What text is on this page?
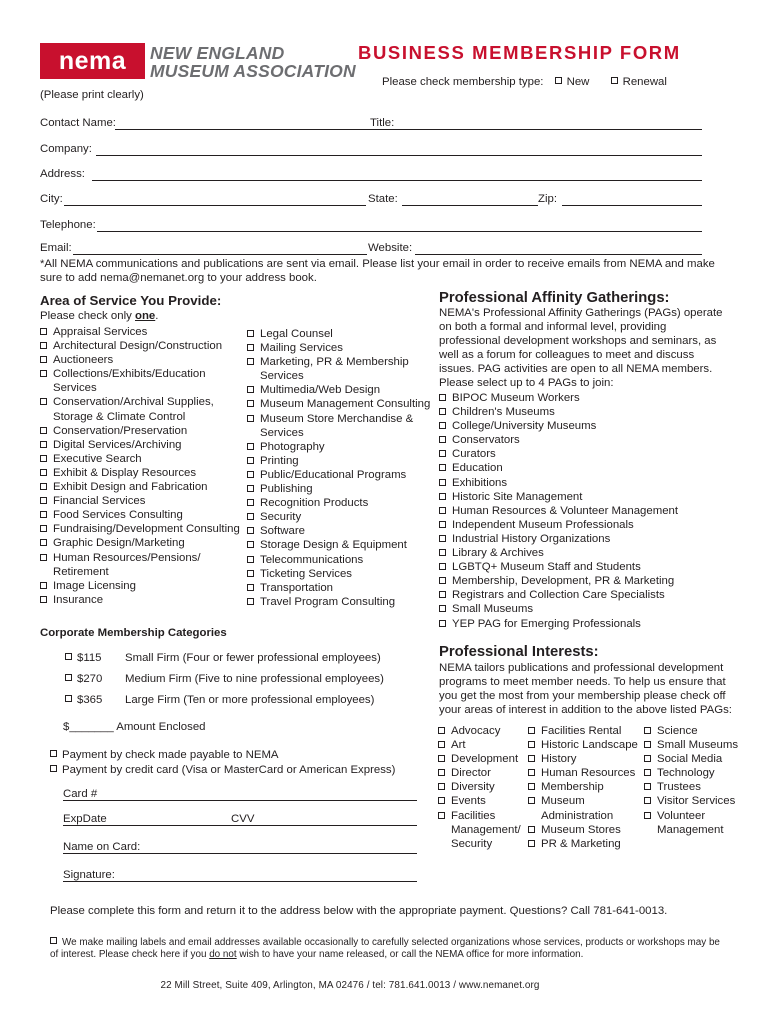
nema	NEW ENGLAND
MUSEUM ASSOCIATION
BUSINESS MEMBERSHIP FORM
Please check membership type: New	Renewal
(Please print clearly)
Contact Name:	Title:
Company:
Address:
City:	State:	Zip:
Telephone:
Email:	Website:
*All NEMA communications and publications are sent via email. Please list your email in order to receive emails from NEMA and make sure to add nema@nemanet.org to your address book.
Area of Service You Provide:
Please check only one.
Appraisal Services
Architectural Design/Construction
Auctioneers
Collections/Exhibits/Education Services
Conservation/Archival Supplies, Storage & Climate Control
Conservation/Preservation
Digital Services/Archiving
Executive Search
Exhibit & Display Resources
Exhibit Design and Fabrication
Financial Services
Food Services Consulting
Fundraising/Development Consulting
Graphic Design/Marketing
Human Resources/Pensions/ Retirement
Image Licensing
Insurance
Legal Counsel
Mailing Services
Marketing, PR & Membership Services
Multimedia/Web Design
Museum Management Consulting
Museum Store Merchandise & Services
Photography
Printing
Public/Educational Programs
Publishing
Recognition Products
Security
Software
Storage Design & Equipment
Telecommunications
Ticketing Services
Transportation
Travel Program Consulting
Professional Affinity Gatherings:
NEMA's Professional Affinity Gatherings (PAGs) operate on both a formal and informal level, providing professional development workshops and seminars, as well as a forum for colleagues to meet and discuss issues. PAG activities are open to all NEMA members. Please select up to 4 PAGs to join:
BIPOC Museum Workers
Children's Museums
College/University Museums
Conservators
Curators
Education
Exhibitions
Historic Site Management
Human Resources & Volunteer Management
Independent Museum Professionals
Industrial History Organizations
Library & Archives
LGBTQ+ Museum Staff and Students
Membership, Development, PR & Marketing
Registrars and Collection Care Specialists
Small Museums
YEP PAG for Emerging Professionals
Corporate Membership Categories
$115 Small Firm (Four or fewer professional employees)
$270 Medium Firm (Five to nine professional employees)
$365 Large Firm (Ten or more professional employees)
$_______ Amount Enclosed
Payment by check made payable to NEMA
Payment by credit card (Visa or MasterCard or American Express)
Card #
ExpDate	CVV
Name on Card:
Signature:
Professional Interests:
NEMA tailors publications and professional development programs to meet member needs. To help us ensure that you get the most from your membership please check off your areas of interest in addition to the above listed PAGs:
Advocacy
Art
Development
Director
Diversity
Events
Facilities Management/ Security
Facilities Rental
Historic Landscape
History
Human Resources
Membership
Museum Administration
Museum Stores
PR & Marketing
Science
Small Museums
Social Media
Technology
Trustees
Visitor Services
Volunteer Management
Please complete this form and return it to the address below with the appropriate payment. Questions? Call 781-641-0013.
We make mailing labels and email addresses available occasionally to carefully selected organizations whose services, products or workshops may be of interest. Please check here if you do not wish to have your name released, or call the NEMA office for more information.
22 Mill Street, Suite 409, Arlington, MA 02476 / tel: 781.641.0013 / www.nemanet.org
